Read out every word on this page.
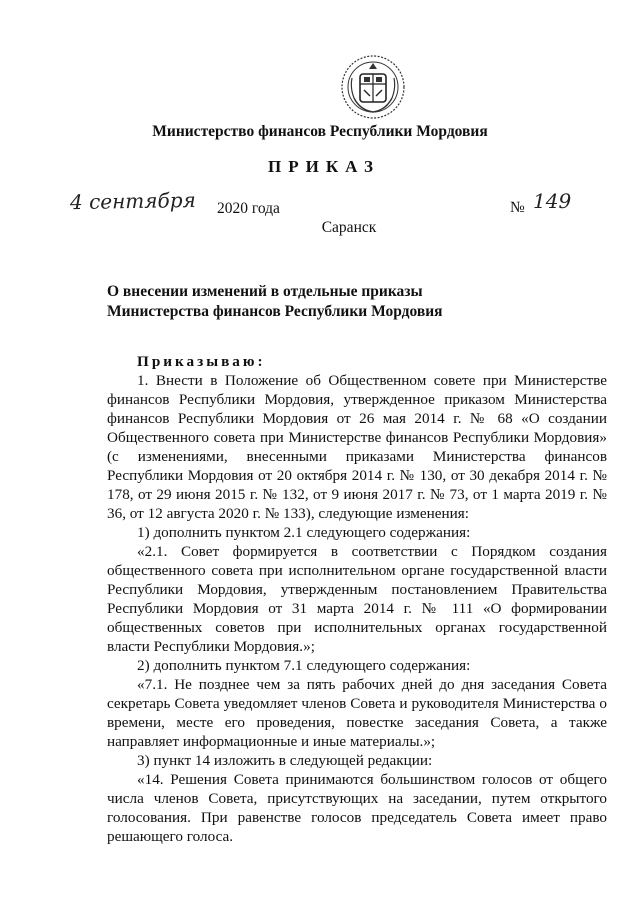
Министерство финансов Республики Мордовия
ПРИКАЗ
4 сентября 2020 года	№ 149
Саранск
О внесении изменений в отдельные приказы
Министерства финансов Республики Мордовия

Приказываю:

1. Внести в Положение об Общественном совете при Министерстве финансов Республики Мордовия, утвержденное приказом Министерства финансов Республики Мордовия от 26 мая 2014 г. № 68 «О создании Общественного совета при Министерстве финансов Республики Мордовия» (с изменениями, внесенными приказами Министерства финансов Республики Мордовия от 20 октября 2014 г. № 130, от 30 декабря 2014 г. № 178, от 29 июня 2015 г. № 132, от 9 июня 2017 г. № 73, от 1 марта 2019 г. № 36, от 12 августа 2020 г. № 133), следующие изменения:

1) дополнить пунктом 2.1 следующего содержания:

«2.1. Совет формируется в соответствии с Порядком создания общественного совета при исполнительном органе государственной власти Республики Мордовия, утвержденным постановлением Правительства Республики Мордовия от 31 марта 2014 г. № 111 «О формировании общественных советов при исполнительных органах государственной власти Республики Мордовия.»;

2) дополнить пунктом 7.1 следующего содержания:

«7.1. Не позднее чем за пять рабочих дней до дня заседания Совета секретарь Совета уведомляет членов Совета и руководителя Министерства о времени, месте его проведения, повестке заседания Совета, а также направляет информационные и иные материалы.»;

3) пункт 14 изложить в следующей редакции:

«14. Решения Совета принимаются большинством голосов от общего числа членов Совета, присутствующих на заседании, путем открытого голосования. При равенстве голосов председатель Совета имеет право решающего голоса.
